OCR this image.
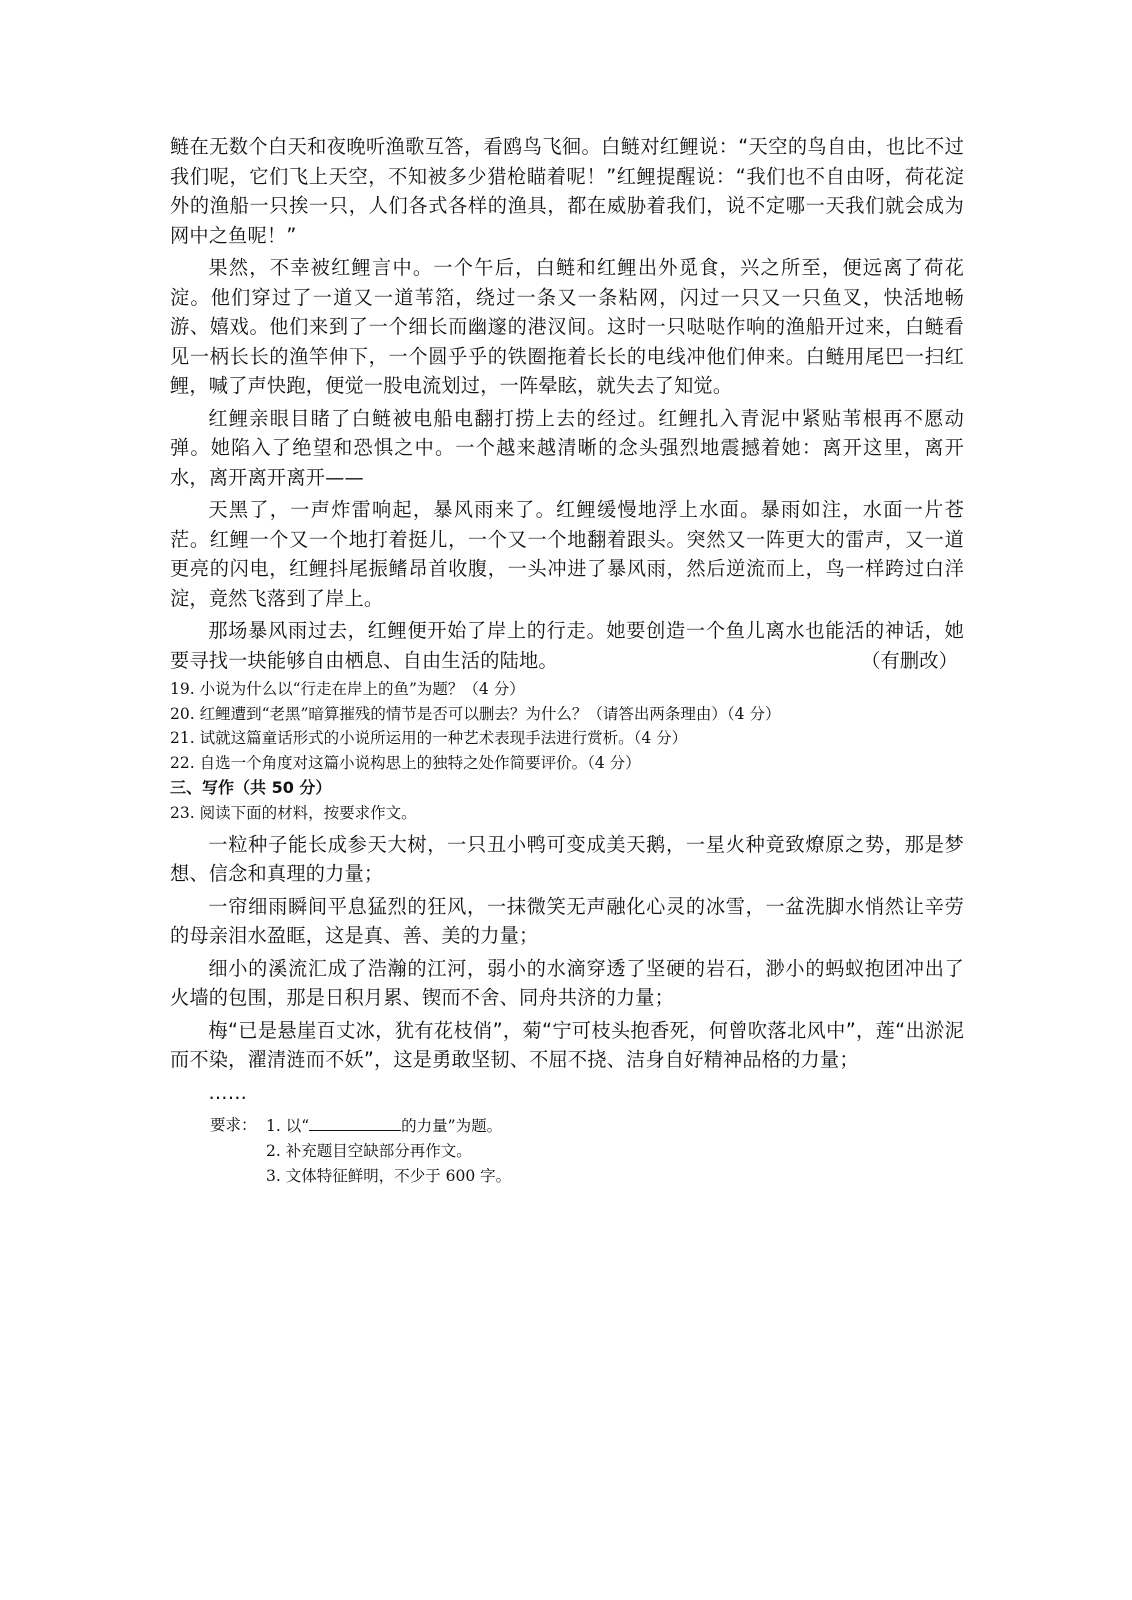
鲢在无数个白天和夜晚听渔歌互答，看鸥鸟飞徊。白鲢对红鲤说：“天空的鸟自由，也比不过我们呢，它们飞上天空，不知被多少猎枪瞄着呢！”红鲤提醒说：“我们也不自由呀，荷花淀外的渔船一只挨一只，人们各式各样的渔具，都在威胁着我们，说不定哪一天我们就会成为网中之鱼呢！”

果然，不幸被红鲤言中。一个午后，白鲢和红鲤出外觅食，兴之所至，便远离了荷花淀。他们穿过了一道又一道苇箔，绕过一条又一条粘网，闪过一只又一只鱼叉，快活地畅游、嬉戏。他们来到了一个细长而幽邃的港汊间。这时一只哒哒作响的渔船开过来，白鲢看见一柄长长的渔竿伸下，一个圆乎乎的铁圈拖着长长的电线冲他们伸来。白鲢用尾巴一扫红鲤，喊了声快跑，便觉一股电流划过，一阵晕眩，就失去了知觉。

红鲤亲眼目睹了白鲢被电船电翻打捞上去的经过。红鲤扎入青泥中紧贴苇根再不愿动弹。她陷入了绝望和恐惧之中。一个越来越清晰的念头强烈地震撼着她：离开这里，离开水，离开离开离开——

天黑了，一声炸雷响起，暴风雨来了。红鲤缓慢地浮上水面。暴雨如注，水面一片苍茫。红鲤一个又一个地打着挺儿，一个又一个地翻着跟头。突然又一阵更大的雷声，又一道更亮的闪电，红鲤抖尾振鳍昂首收腹，一头冲进了暴风雨，然后逆流而上，鸟一样跨过白洋淀，竟然飞落到了岸上。

那场暴风雨过去，红鲤便开始了岸上的行走。她要创造一个鱼儿离水也能活的神话，她要寻找一块能够自由栖息、自由生活的陆地。	（有删改）

19. 小说为什么以“行走在岸上的鱼”为题？（4 分）

20. 红鲤遭到“老黑”暗算摧残的情节是否可以删去？为什么？（请答出两条理由）（4 分）

21. 试就这篇童话形式的小说所运用的一种艺术表现手法进行赏析。（4 分）

22. 自选一个角度对这篇小说构思上的独特之处作简要评价。（4 分）

三、写作（共 50 分）

23. 阅读下面的材料，按要求作文。

一粒种子能长成参天大树，一只丑小鸭可变成美天鹅，一星火种竟致燎原之势，那是梦想、信念和真理的力量；

一帘细雨瞬间平息猛烈的狂风，一抹微笑无声融化心灵的冰雪，一盆洗脚水悄然让辛劳的母亲泪水盈眶，这是真、善、美的力量；

细小的溪流汇成了浩瀚的江河，弱小的水滴穿透了坚硬的岩石，渺小的蚂蚁抱团冲出了火墙的包围，那是日积月累、锲而不舍、同舟共济的力量；

梅“已是悬崖百丈冰，犹有花枝俏”，菊“宁可枝头抱香死，何曾吹落北风中”，莲“出淤泥而不染，濯清涟而不妖”，这是勇敢坚韧、不屈不挠、洁身自好精神品格的力量；

……

要求： 1. 以“	的力量”为题。
2. 补充题目空缺部分再作文。
3. 文体特征鲜明，不少于 600 字。
